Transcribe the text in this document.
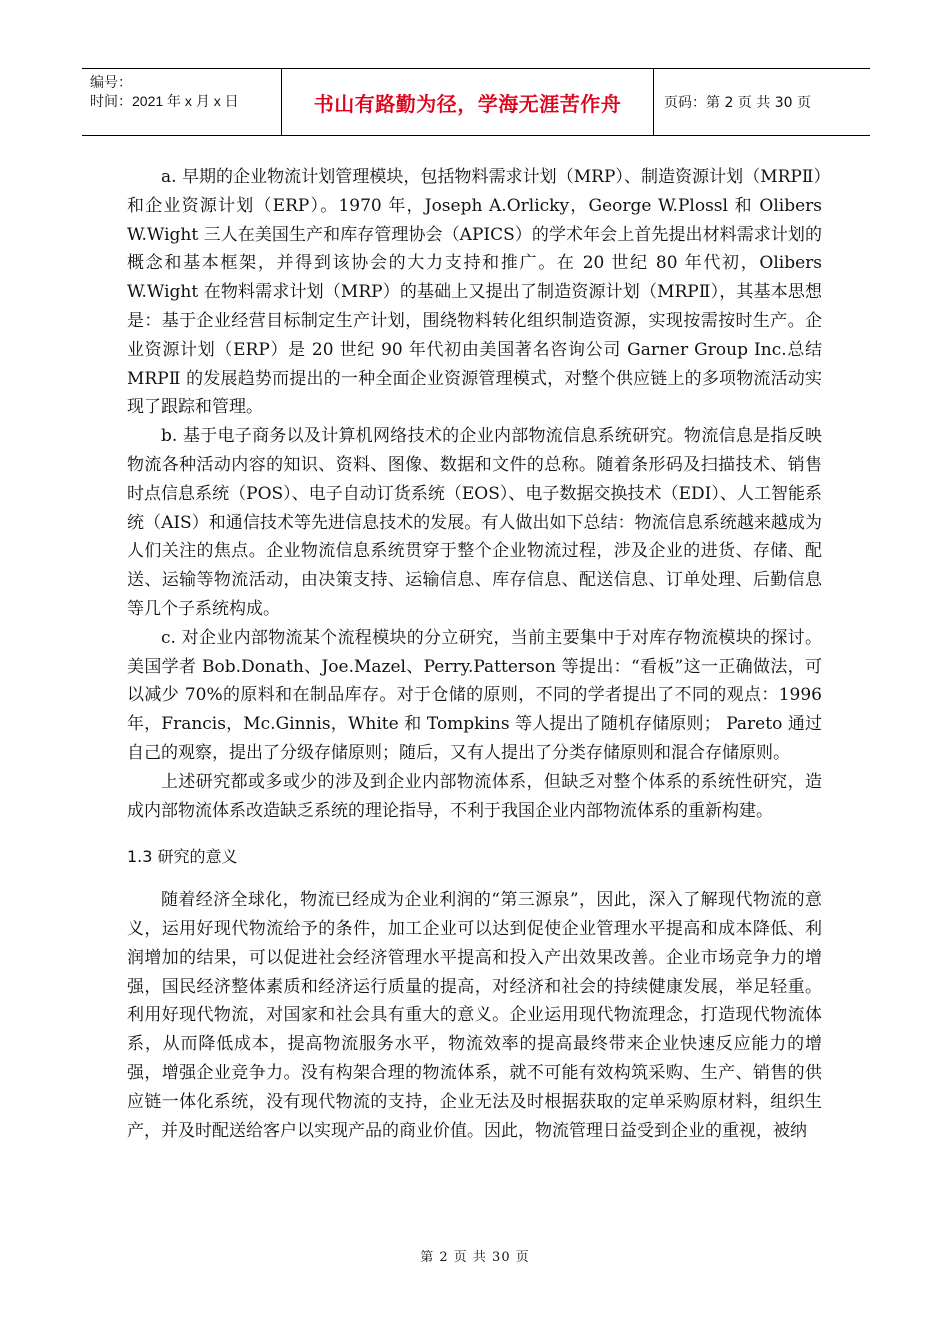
编号：
时间：2021 年 x 月 x 日	书山有路勤为径，学海无涯苦作舟	页码：第 2 页 共 30 页

a. 早期的企业物流计划管理模块，包括物料需求计划（MRP）、制造资源计划（MRPⅡ）和企业资源计划（ERP）。1970 年，Joseph A.Orlicky，George W.Plossl 和 Olibers W.Wight 三人在美国生产和库存管理协会（APICS）的学术年会上首先提出材料需求计划的概念和基本框架，并得到该协会的大力支持和推广。在 20 世纪 80 年代初，Olibers W.Wight 在物料需求计划（MRP）的基础上又提出了制造资源计划（MRPⅡ），其基本思想是：基于企业经营目标制定生产计划，围绕物料转化组织制造资源，实现按需按时生产。企业资源计划（ERP）是 20 世纪 90 年代初由美国著名咨询公司 Garner Group Inc.总结 MRPⅡ 的发展趋势而提出的一种全面企业资源管理模式，对整个供应链上的多项物流活动实现了跟踪和管理。

b. 基于电子商务以及计算机网络技术的企业内部物流信息系统研究。物流信息是指反映物流各种活动内容的知识、资料、图像、数据和文件的总称。随着条形码及扫描技术、销售时点信息系统（POS）、电子自动订货系统（EOS）、电子数据交换技术（EDI）、人工智能系统（AIS）和通信技术等先进信息技术的发展。有人做出如下总结：物流信息系统越来越成为人们关注的焦点。企业物流信息系统贯穿于整个企业物流过程，涉及企业的进货、存储、配送、运输等物流活动，由决策支持、运输信息、库存信息、配送信息、订单处理、后勤信息等几个子系统构成。

c. 对企业内部物流某个流程模块的分立研究，当前主要集中于对库存物流模块的探讨。美国学者 Bob.Donath、Joe.Mazel、Perry.Patterson 等提出：“看板”这一正确做法，可以减少 70%的原料和在制品库存。对于仓储的原则，不同的学者提出了不同的观点：1996 年，Francis，Mc.Ginnis，White 和 Tompkins 等人提出了随机存储原则； Pareto 通过自己的观察，提出了分级存储原则；随后，又有人提出了分类存储原则和混合存储原则。

上述研究都或多或少的涉及到企业内部物流体系，但缺乏对整个体系的系统性研究，造成内部物流体系改造缺乏系统的理论指导，不利于我国企业内部物流体系的重新构建。

1.3 研究的意义

随着经济全球化，物流已经成为企业利润的“第三源泉”，因此，深入了解现代物流的意义，运用好现代物流给予的条件，加工企业可以达到促使企业管理水平提高和成本降低、利润增加的结果，可以促进社会经济管理水平提高和投入产出效果改善。企业市场竞争力的增强，国民经济整体素质和经济运行质量的提高，对经济和社会的持续健康发展，举足轻重。利用好现代物流，对国家和社会具有重大的意义。企业运用现代物流理念，打造现代物流体系，从而降低成本，提高物流服务水平，物流效率的提高最终带来企业快速反应能力的增强，增强企业竞争力。没有构架合理的物流体系，就不可能有效构筑采购、生产、销售的供应链一体化系统，没有现代物流的支持，企业无法及时根据获取的定单采购原材料，组织生产，并及时配送给客户以实现产品的商业价值。因此，物流管理日益受到企业的重视，被纳

第 2 页 共 30 页
